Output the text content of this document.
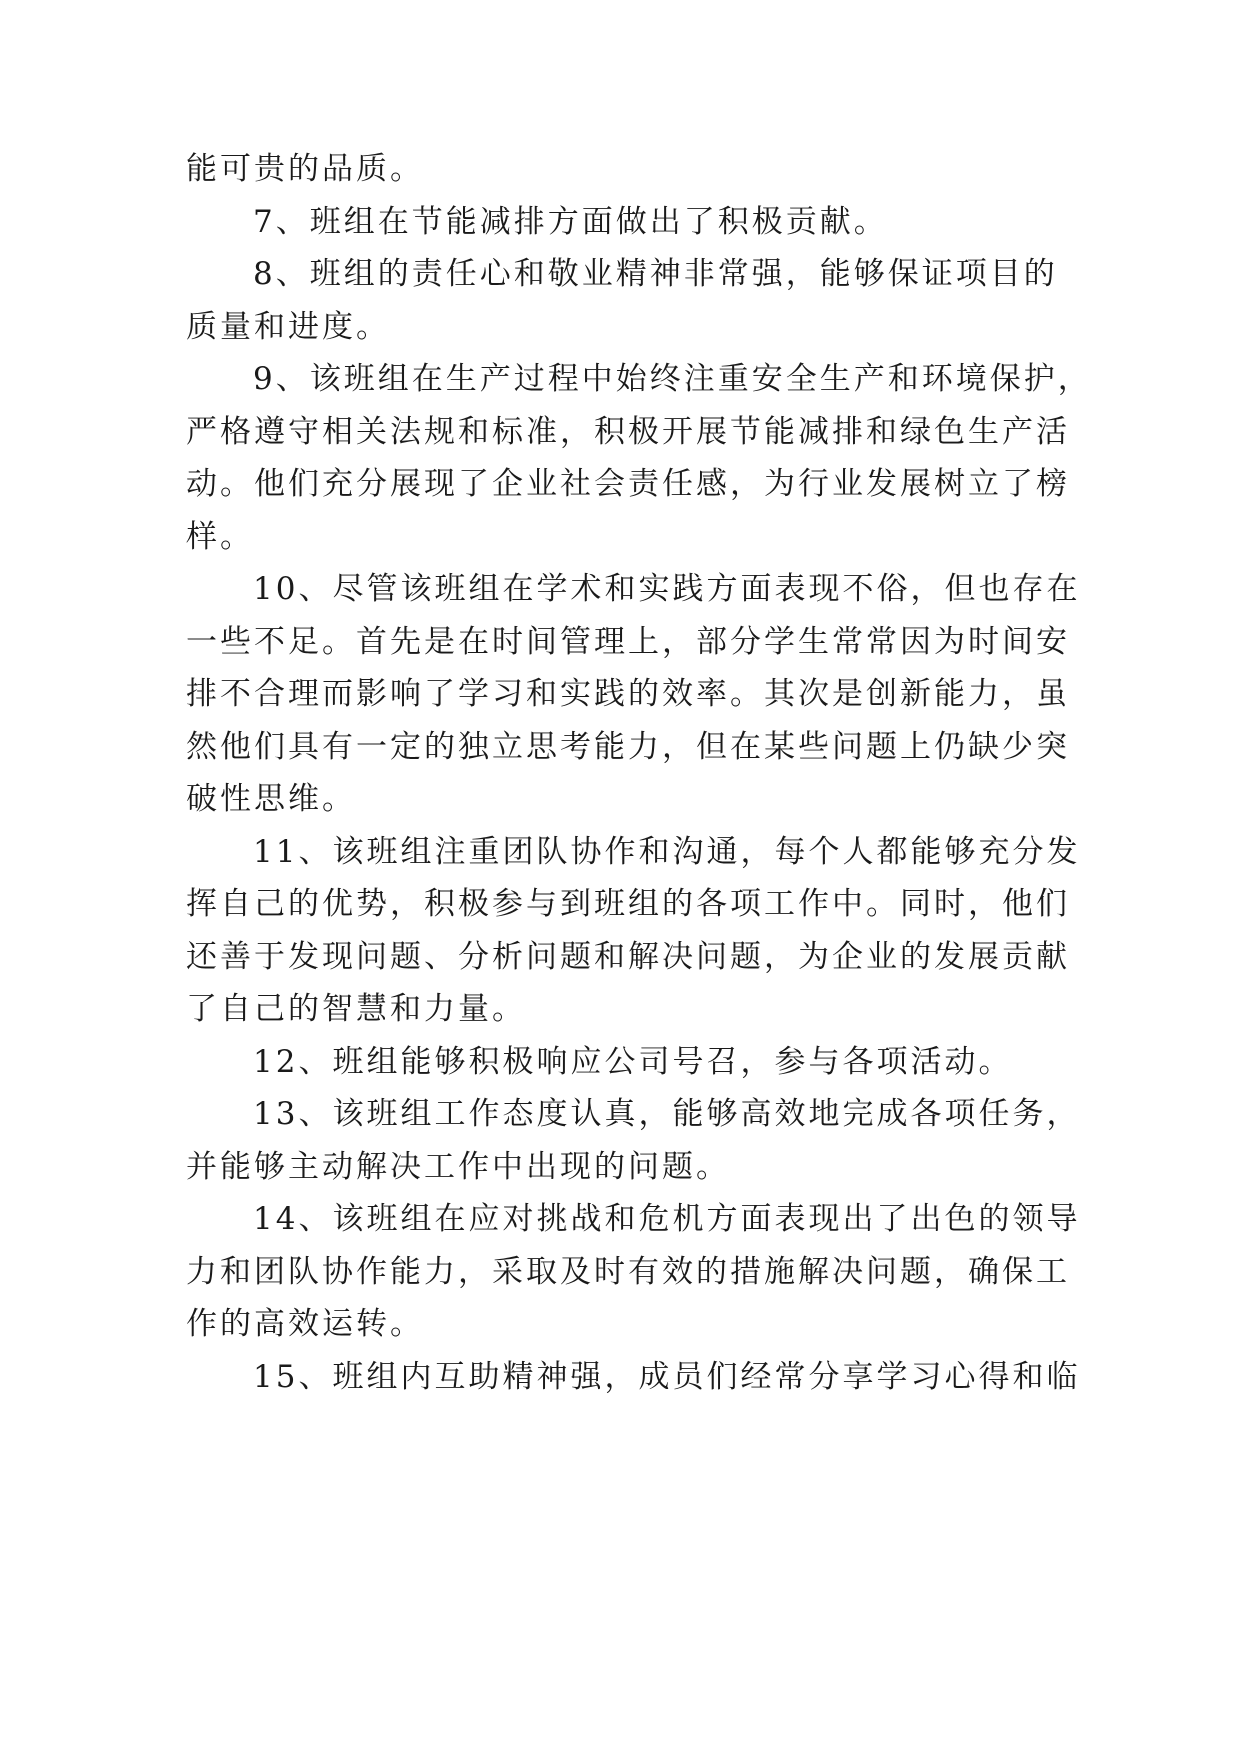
能可贵的品质。
7、班组在节能减排方面做出了积极贡献。
8、班组的责任心和敬业精神非常强，能够保证项目的
质量和进度。
9、该班组在生产过程中始终注重安全生产和环境保护，
严格遵守相关法规和标准，积极开展节能减排和绿色生产活
动。他们充分展现了企业社会责任感，为行业发展树立了榜
样。
10、尽管该班组在学术和实践方面表现不俗，但也存在
一些不足。首先是在时间管理上，部分学生常常因为时间安
排不合理而影响了学习和实践的效率。其次是创新能力，虽
然他们具有一定的独立思考能力，但在某些问题上仍缺少突
破性思维。
11、该班组注重团队协作和沟通，每个人都能够充分发
挥自己的优势，积极参与到班组的各项工作中。同时，他们
还善于发现问题、分析问题和解决问题，为企业的发展贡献
了自己的智慧和力量。
12、班组能够积极响应公司号召，参与各项活动。
13、该班组工作态度认真，能够高效地完成各项任务，
并能够主动解决工作中出现的问题。
14、该班组在应对挑战和危机方面表现出了出色的领导
力和团队协作能力，采取及时有效的措施解决问题，确保工
作的高效运转。
15、班组内互助精神强，成员们经常分享学习心得和临
